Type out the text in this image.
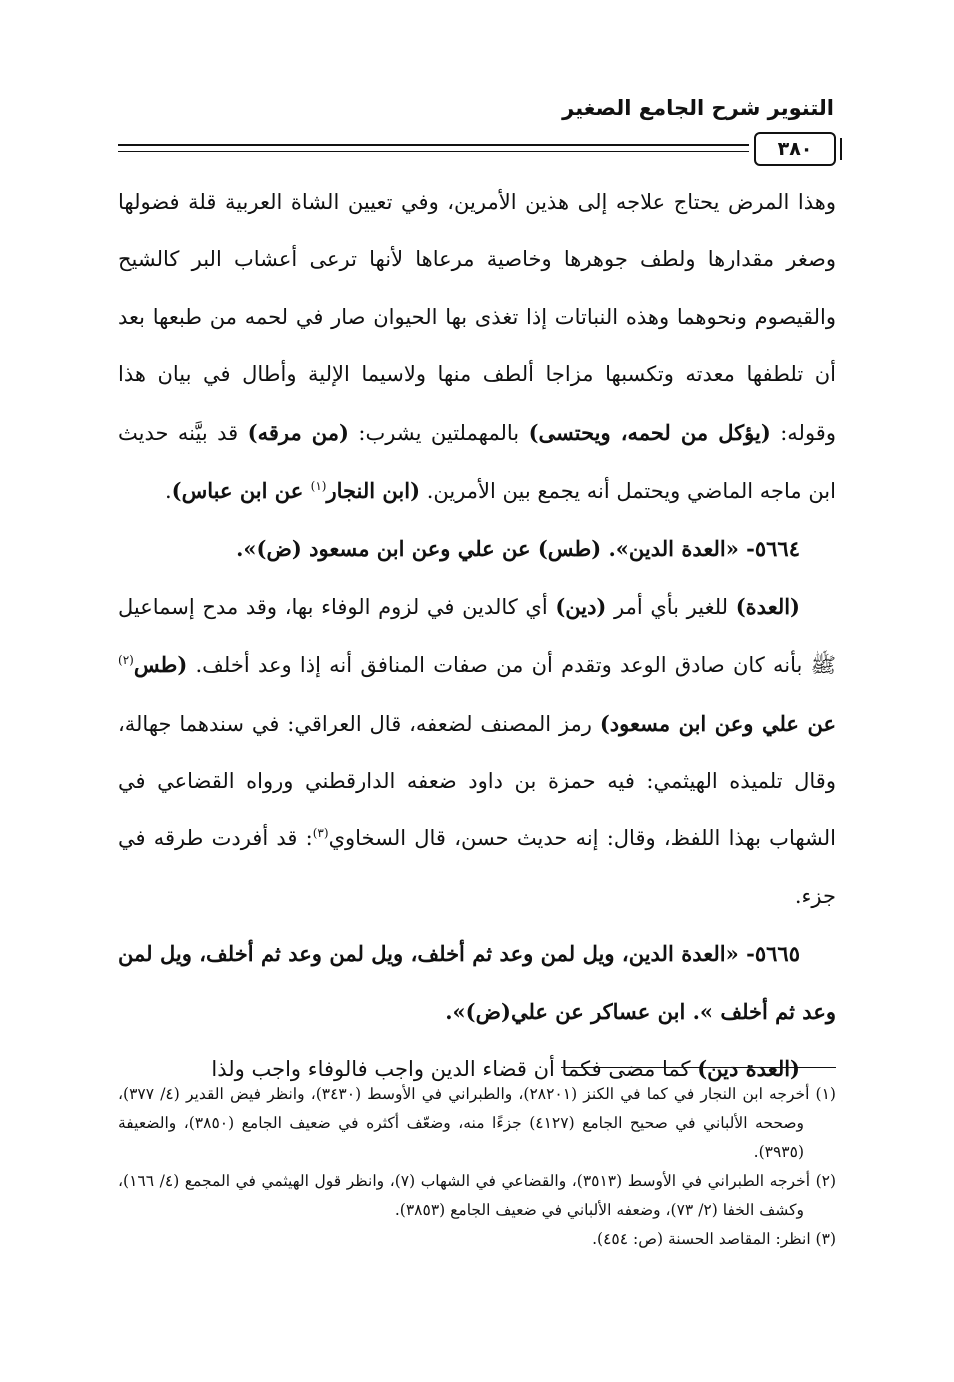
التنوير شرح الجامع الصغير
٣٨٠

وهذا المرض يحتاج علاجه إلى هذين الأمرين، وفي تعيين الشاة العربية قلة فضولها وصغر مقدارها ولطف جوهرها وخاصية مرعاها لأنها ترعى أعشاب البر كالشيح والقيصوم ونحوهما وهذه النباتات إذا تغذى بها الحيوان صار في لحمه من طبعها بعد أن تلطفها معدته وتكسبها مزاجا ألطف منها ولاسيما الإلية وأطال في بيان هذا وقوله: (يؤكل من لحمه، ويحتسى) بالمهملتين يشرب: (من مرقه) قد بيَّنه حديث ابن ماجه الماضي ويحتمل أنه يجمع بين الأمرين. (ابن النجار$^{(١)}$ عن ابن عباس).

٥٦٦٤- «العدة الدين». (طس) عن علي وعن ابن مسعود (ض)».

(العدة) للغير بأي أمر (دين) أي كالدين في لزوم الوفاء بها، وقد مدح إسماعيل ﷺ بأنه كان صادق الوعد وتقدم أن من صفات المنافق أنه إذا وعد أخلف. (طس$^{(٢)}$ عن علي وعن ابن مسعود) رمز المصنف لضعفه، قال العراقي: في سندهما جهالة، وقال تلميذه الهيثمي: فيه حمزة بن داود ضعفه الدارقطني ورواه القضاعي في الشهاب بهذا اللفظ، وقال: إنه حديث حسن، قال السخاوي$^{(٣)}$: قد أفردت طرقه في جزء.

٥٦٦٥- «العدة الدين، ويل لمن وعد ثم أخلف، ويل لمن وعد ثم أخلف، ويل لمن وعد ثم أخلف ». ابن عساكر عن علي(ض)».

(العدة دين) كما مضى فكما أن قضاء الدين واجب فالوفاء واجب ولذا

(١) أخرجه ابن النجار في كما في الكنز (٢٨٢٠١)، والطبراني في الأوسط (٣٤٣٠)، وانظر فيض القدير (٤/ ٣٧٧)، وصححه الألباني في صحيح الجامع (٤١٢٧) جزءًا منه، وضعّف أكثره في ضعيف الجامع (٣٨٥٠)، والضعيفة (٣٩٣٥).

(٢) أخرجه الطبراني في الأوسط (٣٥١٣)، والقضاعي في الشهاب (٧)، وانظر قول الهيثمي في المجمع (٤/ ١٦٦)، وكشف الخفا (٢/ ٧٣)، وضعفه الألباني في ضعيف الجامع (٣٨٥٣).

(٣) انظر: المقاصد الحسنة (ص: ٤٥٤).
